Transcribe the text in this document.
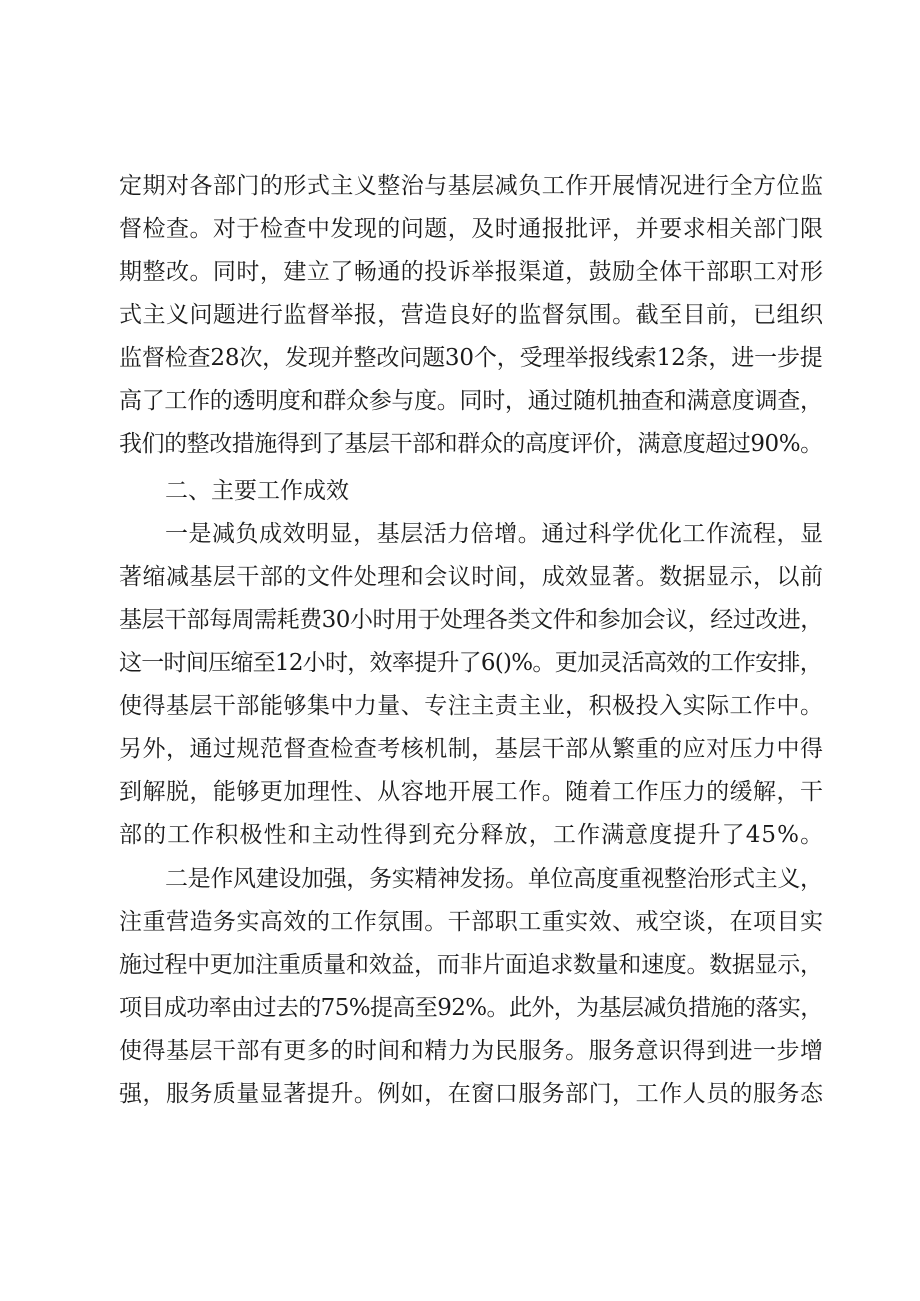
定期对各部门的形式主义整治与基层减负工作开展情况进行全方位监
督检查。对于检查中发现的问题，及时通报批评，并要求相关部门限
期整改。同时，建立了畅通的投诉举报渠道，鼓励全体干部职工对形
式主义问题进行监督举报，营造良好的监督氛围。截至目前，已组织
监督检查28次，发现并整改问题30个，受理举报线索12条，进一步提
高了工作的透明度和群众参与度。同时，通过随机抽查和满意度调查，
我们的整改措施得到了基层干部和群众的高度评价，满意度超过90%。
二、主要工作成效
一是减负成效明显，基层活力倍增。通过科学优化工作流程，显
著缩减基层干部的文件处理和会议时间，成效显著。数据显示，以前
基层干部每周需耗费30小时用于处理各类文件和参加会议，经过改进，
这一时间压缩至12小时，效率提升了6()%。更加灵活高效的工作安排，
使得基层干部能够集中力量、专注主责主业，积极投入实际工作中。
另外，通过规范督查检查考核机制，基层干部从繁重的应对压力中得
到解脱，能够更加理性、从容地开展工作。随着工作压力的缓解，干
部的工作积极性和主动性得到充分释放，工作满意度提升了45%。
二是作风建设加强，务实精神发扬。单位高度重视整治形式主义，
注重营造务实高效的工作氛围。干部职工重实效、戒空谈，在项目实
施过程中更加注重质量和效益，而非片面追求数量和速度。数据显示，
项目成功率由过去的75%提高至92%。此外，为基层减负措施的落实，
使得基层干部有更多的时间和精力为民服务。服务意识得到进一步增
强，服务质量显著提升。例如，在窗口服务部门，工作人员的服务态
